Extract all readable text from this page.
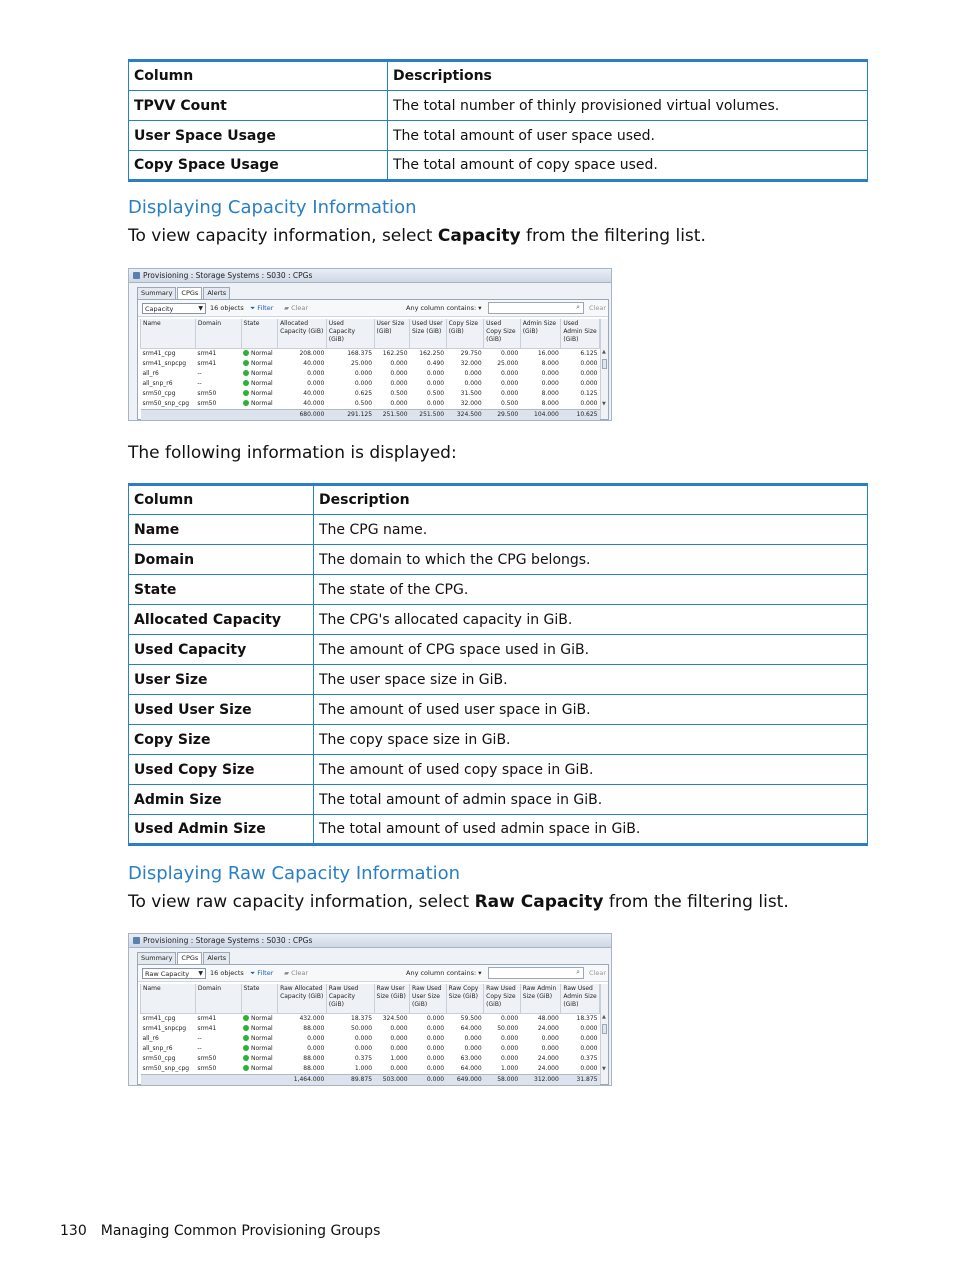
Column	Descriptions
TPVV Count	The total number of thinly provisioned virtual volumes.
User Space Usage	The total amount of user space used.
Copy Space Usage	The total amount of copy space used.
Displaying Capacity Information
To view capacity information, select Capacity from the filtering list.
Provisioning : Storage Systems : S030 : CPGs
Summary	CPGs	Alerts
Capacity	▼ 16 objects ⏷ Filter ▰ Clear	Any column contains: ▾	⌕ Clear
Name	Domain	State	Allocated Capacity (GiB)	Used Capacity (GiB)	User Size (GiB)	Used User Size (GiB)	Copy Size (GiB)	Used Copy Size (GiB)	Admin Size (GiB)	Used Admin Size (GiB)
srm41_cpg	srm41	Normal	208.000	168.375	162.250	162.250	29.750	0.000	16.000	6.125
srm41_snpcpg	srm41	Normal	40.000	25.000	0.000	0.490	32.000	25.000	8.000	0.000
all_r6	--	Normal	0.000	0.000	0.000	0.000	0.000	0.000	0.000	0.000
all_snp_r6	--	Normal	0.000	0.000	0.000	0.000	0.000	0.000	0.000	0.000
srm50_cpg	srm50	Normal	40.000	0.625	0.500	0.500	31.500	0.000	8.000	0.125
srm50_snp_cpg	srm50	Normal	40.000	0.500	0.000	0.000	32.000	0.500	8.000	0.000
			680.000	291.125	251.500	251.500	324.500	29.500	104.000	10.625
▲
▼
The following information is displayed:
Column	Description
Name	The CPG name.
Domain	The domain to which the CPG belongs.
State	The state of the CPG.
Allocated Capacity	The CPG's allocated capacity in GiB.
Used Capacity	The amount of CPG space used in GiB.
User Size	The user space size in GiB.
Used User Size	The amount of used user space in GiB.
Copy Size	The copy space size in GiB.
Used Copy Size	The amount of used copy space in GiB.
Admin Size	The total amount of admin space in GiB.
Used Admin Size	The total amount of used admin space in GiB.
Displaying Raw Capacity Information
To view raw capacity information, select Raw Capacity from the filtering list.
Provisioning : Storage Systems : S030 : CPGs
Summary	CPGs	Alerts
Raw Capacity ▼ 16 objects ⏷ Filter ▰ Clear	Any column contains: ▾	⌕ Clear
Name	Domain	State	Raw Allocated Capacity (GiB)	Raw Used Capacity (GiB)	Raw User Size (GiB)	Raw Used User Size (GiB)	Raw Copy Size (GiB)	Raw Used Copy Size (GiB)	Raw Admin Size (GiB)	Raw Used Admin Size (GiB)
srm41_cpg	srm41	Normal	432.000	18.375	324.500	0.000	59.500	0.000	48.000	18.375
srm41_snpcpg	srm41	Normal	88.000	50.000	0.000	0.000	64.000	50.000	24.000	0.000
all_r6	--	Normal	0.000	0.000	0.000	0.000	0.000	0.000	0.000	0.000
all_snp_r6	--	Normal	0.000	0.000	0.000	0.000	0.000	0.000	0.000	0.000
srm50_cpg	srm50	Normal	88.000	0.375	1.000	0.000	63.000	0.000	24.000	0.375
srm50_snp_cpg	srm50	Normal	88.000	1.000	0.000	0.000	64.000	1.000	24.000	0.000
			1,464.000	89.875	503.000	0.000	649.000	58.000	312.000	31.875
▲
▼
130 Managing Common Provisioning Groups
